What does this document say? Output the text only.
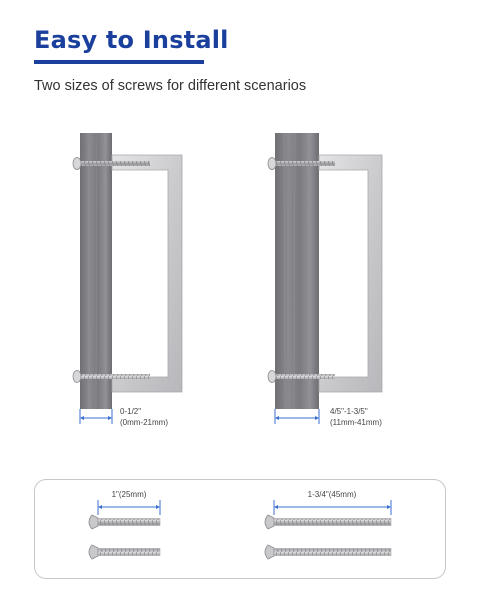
Easy to Install
Two sizes of screws for different scenarios
0-1/2"
(0mm-21mm)
4/5"-1-3/5"
(11mm-41mm)
1"(25mm)	1-3/4"(45mm)
